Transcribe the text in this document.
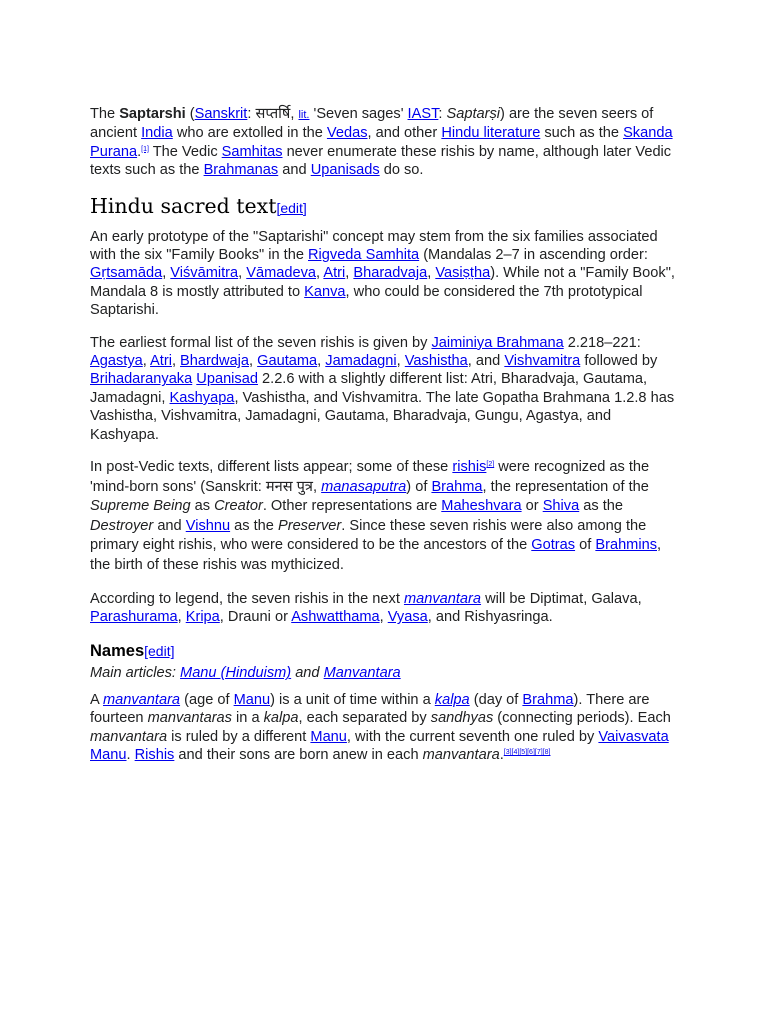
The Saptarshi (Sanskrit: सप्तर्षि, lit. 'Seven sages' IAST: Saptarṣi) are the seven seers of ancient India who are extolled in the Vedas, and other Hindu literature such as the Skanda Purana.[1] The Vedic Samhitas never enumerate these rishis by name, although later Vedic texts such as the Brahmanas and Upanisads do so.

Hindu sacred text[edit]

An early prototype of the "Saptarishi" concept may stem from the six families associated with the six "Family Books" in the Rigveda Samhita (Mandalas 2–7 in ascending order: Gṛtsamāda, Viśvāmitra, Vāmadeva, Atri, Bharadvaja, Vasiṣṭha). While not a "Family Book", Mandala 8 is mostly attributed to Kanva, who could be considered the 7th prototypical Saptarishi.

The earliest formal list of the seven rishis is given by Jaiminiya Brahmana 2.218–221: Agastya, Atri, Bhardwaja, Gautama, Jamadagni, Vashistha, and Vishvamitra followed by Brihadaranyaka Upanisad 2.2.6 with a slightly different list: Atri, Bharadvaja, Gautama, Jamadagni, Kashyapa, Vashistha, and Vishvamitra. The late Gopatha Brahmana 1.2.8 has Vashistha, Vishvamitra, Jamadagni, Gautama, Bharadvaja, Gungu, Agastya, and Kashyapa.

In post-Vedic texts, different lists appear; some of these rishis[2] were recognized as the 'mind-born sons' (Sanskrit: मनस पुत्र, manasaputra) of Brahma, the representation of the Supreme Being as Creator. Other representations are Maheshvara or Shiva as the Destroyer and Vishnu as the Preserver. Since these seven rishis were also among the primary eight rishis, who were considered to be the ancestors of the Gotras of Brahmins, the birth of these rishis was mythicized.

According to legend, the seven rishis in the next manvantara will be Diptimat, Galava, Parashurama, Kripa, Drauni or Ashwatthama, Vyasa, and Rishyasringa.

Names[edit]
Main articles: Manu (Hinduism) and Manvantara

A manvantara (age of Manu) is a unit of time within a kalpa (day of Brahma). There are fourteen manvantaras in a kalpa, each separated by sandhyas (connecting periods). Each manvantara is ruled by a different Manu, with the current seventh one ruled by Vaivasvata Manu. Rishis and their sons are born anew in each manvantara.[3][4][5][6][7][8]
